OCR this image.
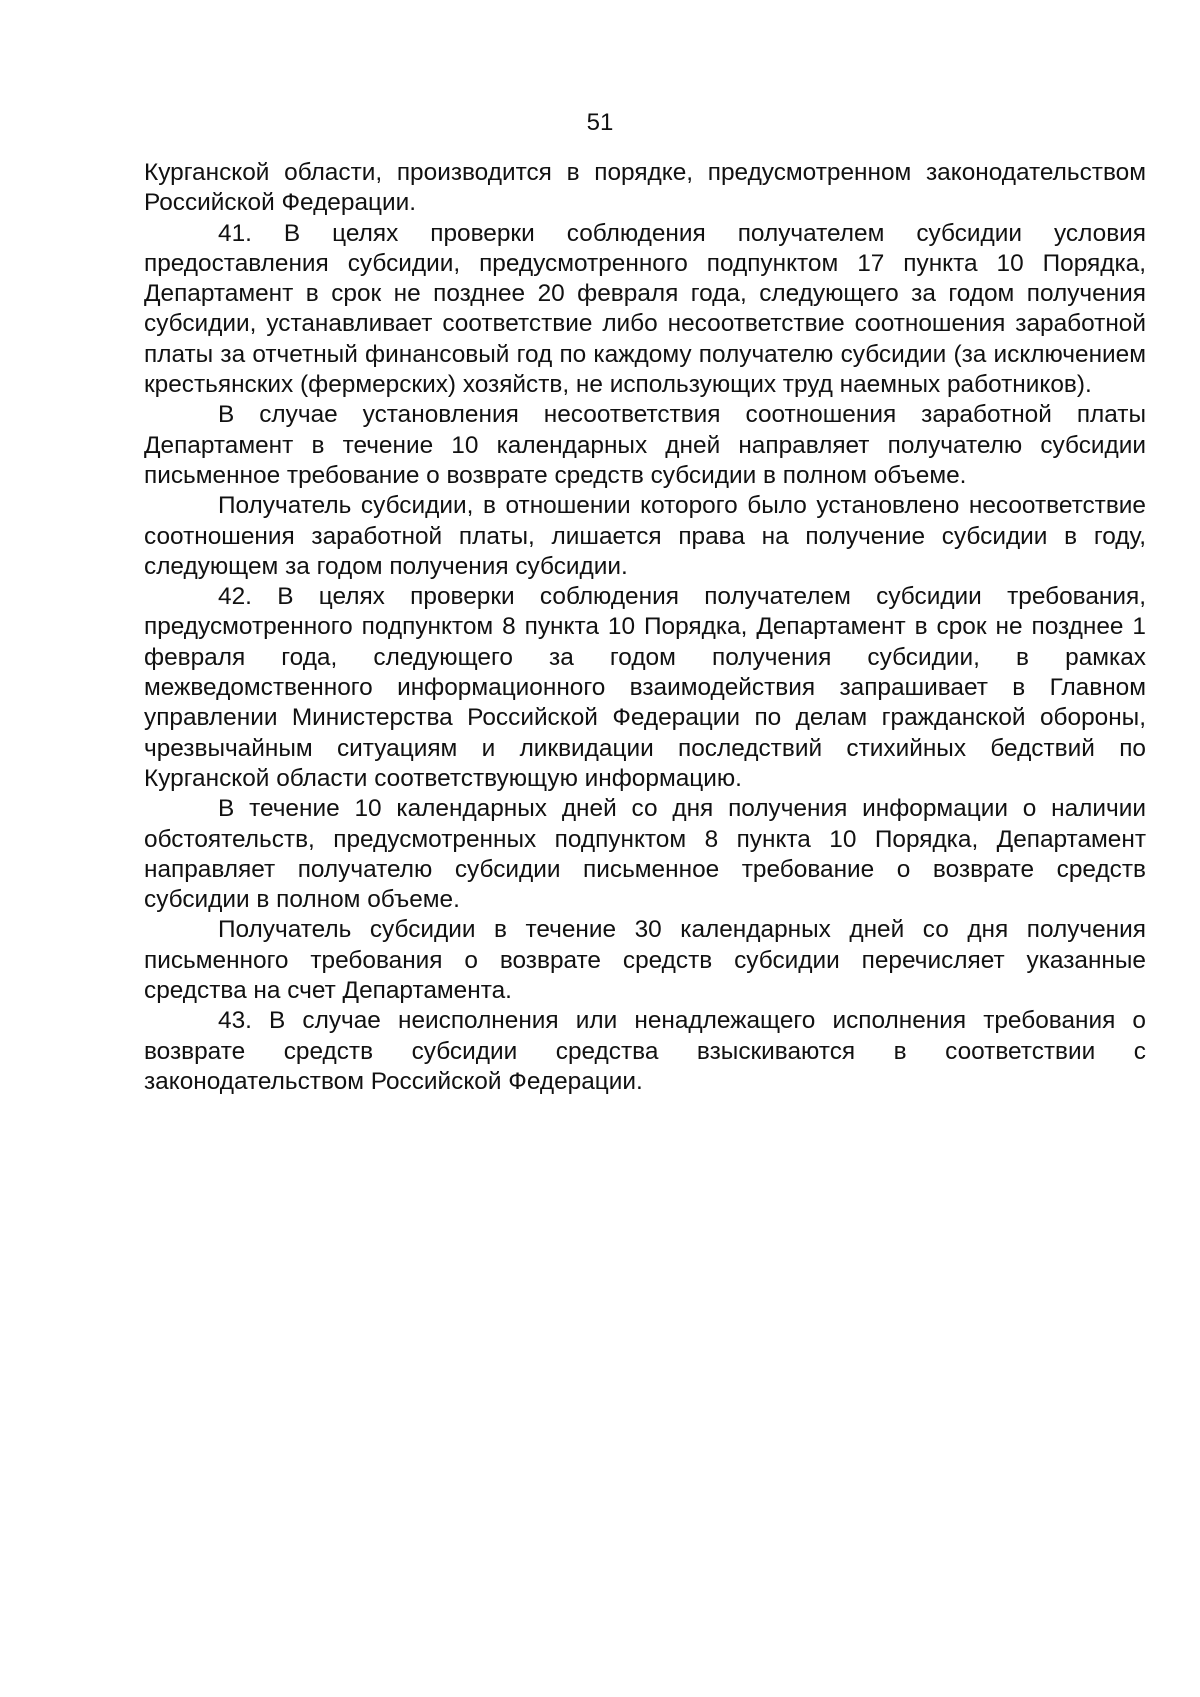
51

Курганской области, производится в порядке, предусмотренном законодательством Российской Федерации.

41. В целях проверки соблюдения получателем субсидии условия предоставления субсидии, предусмотренного подпунктом 17 пункта 10 Порядка, Департамент в срок не позднее 20 февраля года, следующего за годом получения субсидии, устанавливает соответствие либо несоответствие соотношения заработной платы за отчетный финансовый год по каждому получателю субсидии (за исключением крестьянских (фермерских) хозяйств, не использующих труд наемных работников).

В случае установления несоответствия соотношения заработной платы Департамент в течение 10 календарных дней направляет получателю субсидии письменное требование о возврате средств субсидии в полном объеме.

Получатель субсидии, в отношении которого было установлено несоответствие соотношения заработной платы, лишается права на получение субсидии в году, следующем за годом получения субсидии.

42. В целях проверки соблюдения получателем субсидии требования, предусмотренного подпунктом 8 пункта 10 Порядка, Департамент в срок не позднее 1 февраля года, следующего за годом получения субсидии, в рамках межведомственного информационного взаимодействия запрашивает в Главном управлении Министерства Российской Федерации по делам гражданской обороны, чрезвычайным ситуациям и ликвидации последствий стихийных бедствий по Курганской области соответствующую информацию.

В течение 10 календарных дней со дня получения информации о наличии обстоятельств, предусмотренных подпунктом 8 пункта 10 Порядка, Департамент направляет получателю субсидии письменное требование о возврате средств субсидии в полном объеме.

Получатель субсидии в течение 30 календарных дней со дня получения письменного требования о возврате средств субсидии перечисляет указанные средства на счет Департамента.

43. В случае неисполнения или ненадлежащего исполнения требования о возврате средств субсидии средства взыскиваются в соответствии с законодательством Российской Федерации.
